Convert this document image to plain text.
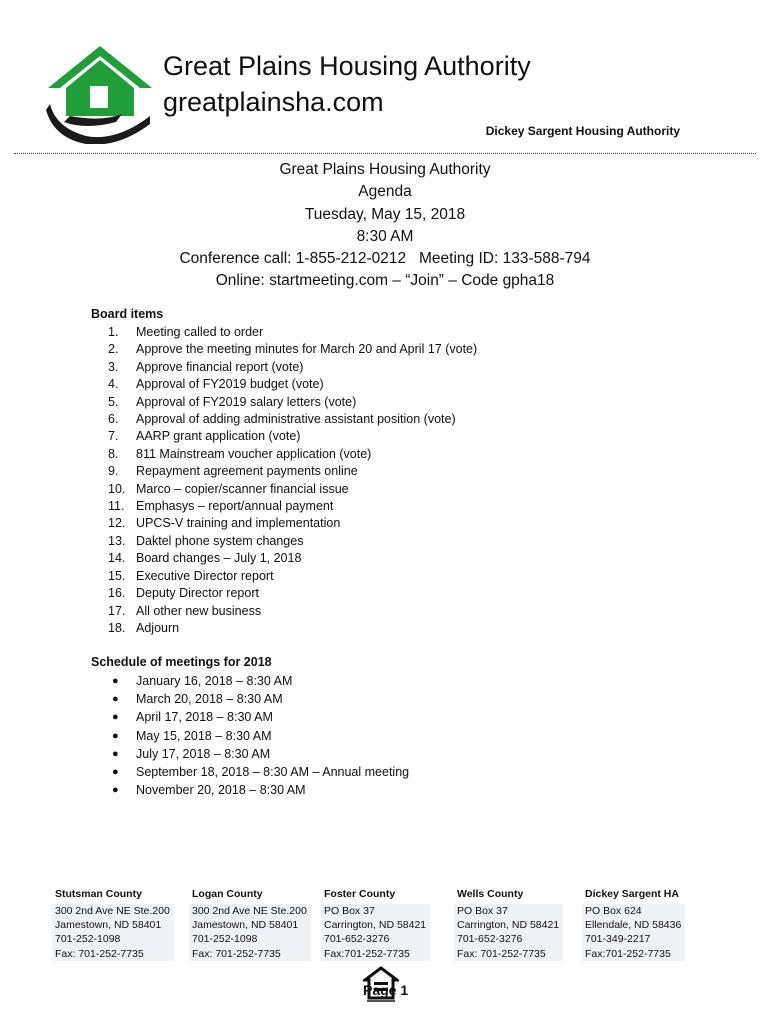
Great Plains Housing Authority
greatplainsha.com
Dickey Sargent Housing Authority
Great Plains Housing Authority
Agenda
Tuesday, May 15, 2018
8:30 AM
Conference call: 1-855-212-0212   Meeting ID: 133-588-794
Online: startmeeting.com – “Join” – Code gpha18
Board items
1.	Meeting called to order
2.	Approve the meeting minutes for March 20 and April 17 (vote)
3.	Approve financial report (vote)
4.	Approval of FY2019 budget (vote)
5.	Approval of FY2019 salary letters (vote)
6.	Approval of adding administrative assistant position (vote)
7.	AARP grant application (vote)
8.	811 Mainstream voucher application (vote)
9.	Repayment agreement payments online
10. Marco – copier/scanner financial issue
11. Emphasys – report/annual payment
12. UPCS-V training and implementation
13. Daktel phone system changes
14. Board changes – July 1, 2018
15. Executive Director report
16. Deputy Director report
17. All other new business
18. Adjourn
Schedule of meetings for 2018
●	January 16, 2018 – 8:30 AM
●	March 20, 2018 – 8:30 AM
●	April 17, 2018 – 8:30 AM
●	May 15, 2018 – 8:30 AM
●	July 17, 2018 – 8:30 AM
●	September 18, 2018 – 8:30 AM – Annual meeting
●	November 20, 2018 – 8:30 AM
Stutsman County
300 2nd Ave NE Ste.200
Jamestown, ND 58401
701-252-1098
Fax: 701-252-7735
Logan County
300 2nd Ave NE Ste.200
Jamestown, ND 58401
701-252-1098
Fax: 701-252-7735
Foster County
PO Box 37
Carrington, ND 58421
701-652-3276
Fax:701-252-7735
Wells County
PO Box 37
Carrington, ND 58421
701-652-3276
Fax: 701-252-7735
Dickey Sargent HA
PO Box 624
Ellendale, ND 58436
701-349-2217
Fax:701-252-7735
Page 1
